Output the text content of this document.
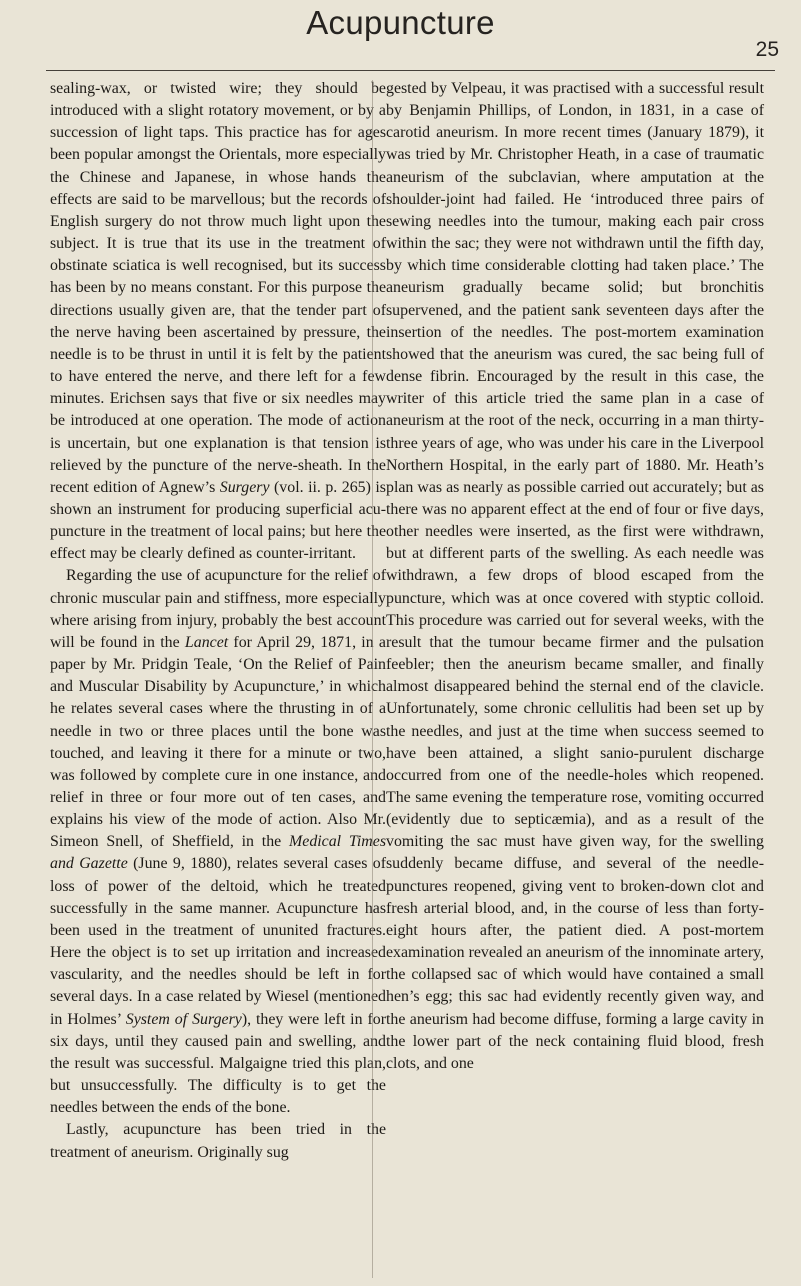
Acupuncture
25

sealing-wax, or twisted wire; they should be introduced with a slight rotatory movement, or by a succession of light taps. This practice has for ages been popular amongst the Orientals, more especially the Chinese and Japanese, in whose hands the effects are said to be marvellous; but the records of English surgery do not throw much light upon the subject. It is true that its use in the treatment of obstinate sciatica is well recognised, but its success has been by no means constant. For this purpose the directions usually given are, that the tender part of the nerve having been ascertained by pressure, the needle is to be thrust in until it is felt by the patient to have entered the nerve, and there left for a few minutes. Erichsen says that five or six needles may be introduced at one operation. The mode of action is uncertain, but one explanation is that tension is relieved by the puncture of the nerve-sheath. In the recent edition of Agnew’s Surgery (vol. ii. p. 265) is shown an instrument for producing superficial acupuncture in the treatment of local pains; but here the effect may be clearly defined as counter-irritant.

Regarding the use of acupuncture for the relief of chronic muscular pain and stiffness, more especially where arising from injury, probably the best account will be found in the Lancet for April 29, 1871, in a paper by Mr. Pridgin Teale, ‘On the Relief of Pain and Muscular Disability by Acupuncture,’ in which he relates several cases where the thrusting in of a needle in two or three places until the bone was touched, and leaving it there for a minute or two, was followed by complete cure in one instance, and relief in three or four more out of ten cases, and explains his view of the mode of action. Also Mr. Simeon Snell, of Sheffield, in the Medical Times and Gazette (June 9, 1880), relates several cases of loss of power of the deltoid, which he treated successfully in the same manner. Acupuncture has been used in the treatment of ununited fractures. Here the object is to set up irritation and increased vascularity, and the needles should be left in for several days. In a case related by Wiesel (mentioned in Holmes’ System of Surgery), they were left in for six days, until they caused pain and swelling, and the result was successful. Malgaigne tried this plan, but unsuccessfully. The difficulty is to get the needles between the ends of the bone.

Lastly, acupuncture has been tried in the treatment of aneurism. Originally sug

gested by Velpeau, it was practised with a successful result by Benjamin Phillips, of London, in 1831, in a case of carotid aneurism. In more recent times (January 1879), it was tried by Mr. Christopher Heath, in a case of traumatic aneurism of the subclavian, where amputation at the shoulder-joint had failed. He ‘introduced three pairs of sewing needles into the tumour, making each pair cross within the sac; they were not withdrawn until the fifth day, by which time considerable clotting had taken place.’ The aneurism gradually became solid; but bronchitis supervened, and the patient sank seventeen days after the insertion of the needles. The post-mortem examination showed that the aneurism was cured, the sac being full of dense fibrin. Encouraged by the result in this case, the writer of this article tried the same plan in a case of aneurism at the root of the neck, occurring in a man thirty-three years of age, who was under his care in the Liverpool Northern Hospital, in the early part of 1880. Mr. Heath’s plan was as nearly as possible carried out accurately; but as there was no apparent effect at the end of four or five days, other needles were inserted, as the first were withdrawn, but at different parts of the swelling. As each needle was withdrawn, a few drops of blood escaped from the puncture, which was at once covered with styptic colloid. This procedure was carried out for several weeks, with the result that the tumour became firmer and the pulsation feebler; then the aneurism became smaller, and finally almost disappeared behind the sternal end of the clavicle. Unfortunately, some chronic cellulitis had been set up by the needles, and just at the time when success seemed to have been attained, a slight sanio-purulent discharge occurred from one of the needle-holes which reopened. The same evening the temperature rose, vomiting occurred (evidently due to septicæmia), and as a result of the vomiting the sac must have given way, for the swelling suddenly became diffuse, and several of the needle-punctures reopened, giving vent to broken-down clot and fresh arterial blood, and, in the course of less than forty-eight hours after, the patient died. A post-mortem examination revealed an aneurism of the innominate artery, the collapsed sac of which would have contained a small hen’s egg; this sac had evidently recently given way, and the aneurism had become diffuse, forming a large cavity in the lower part of the neck containing fluid blood, fresh clots, and one
